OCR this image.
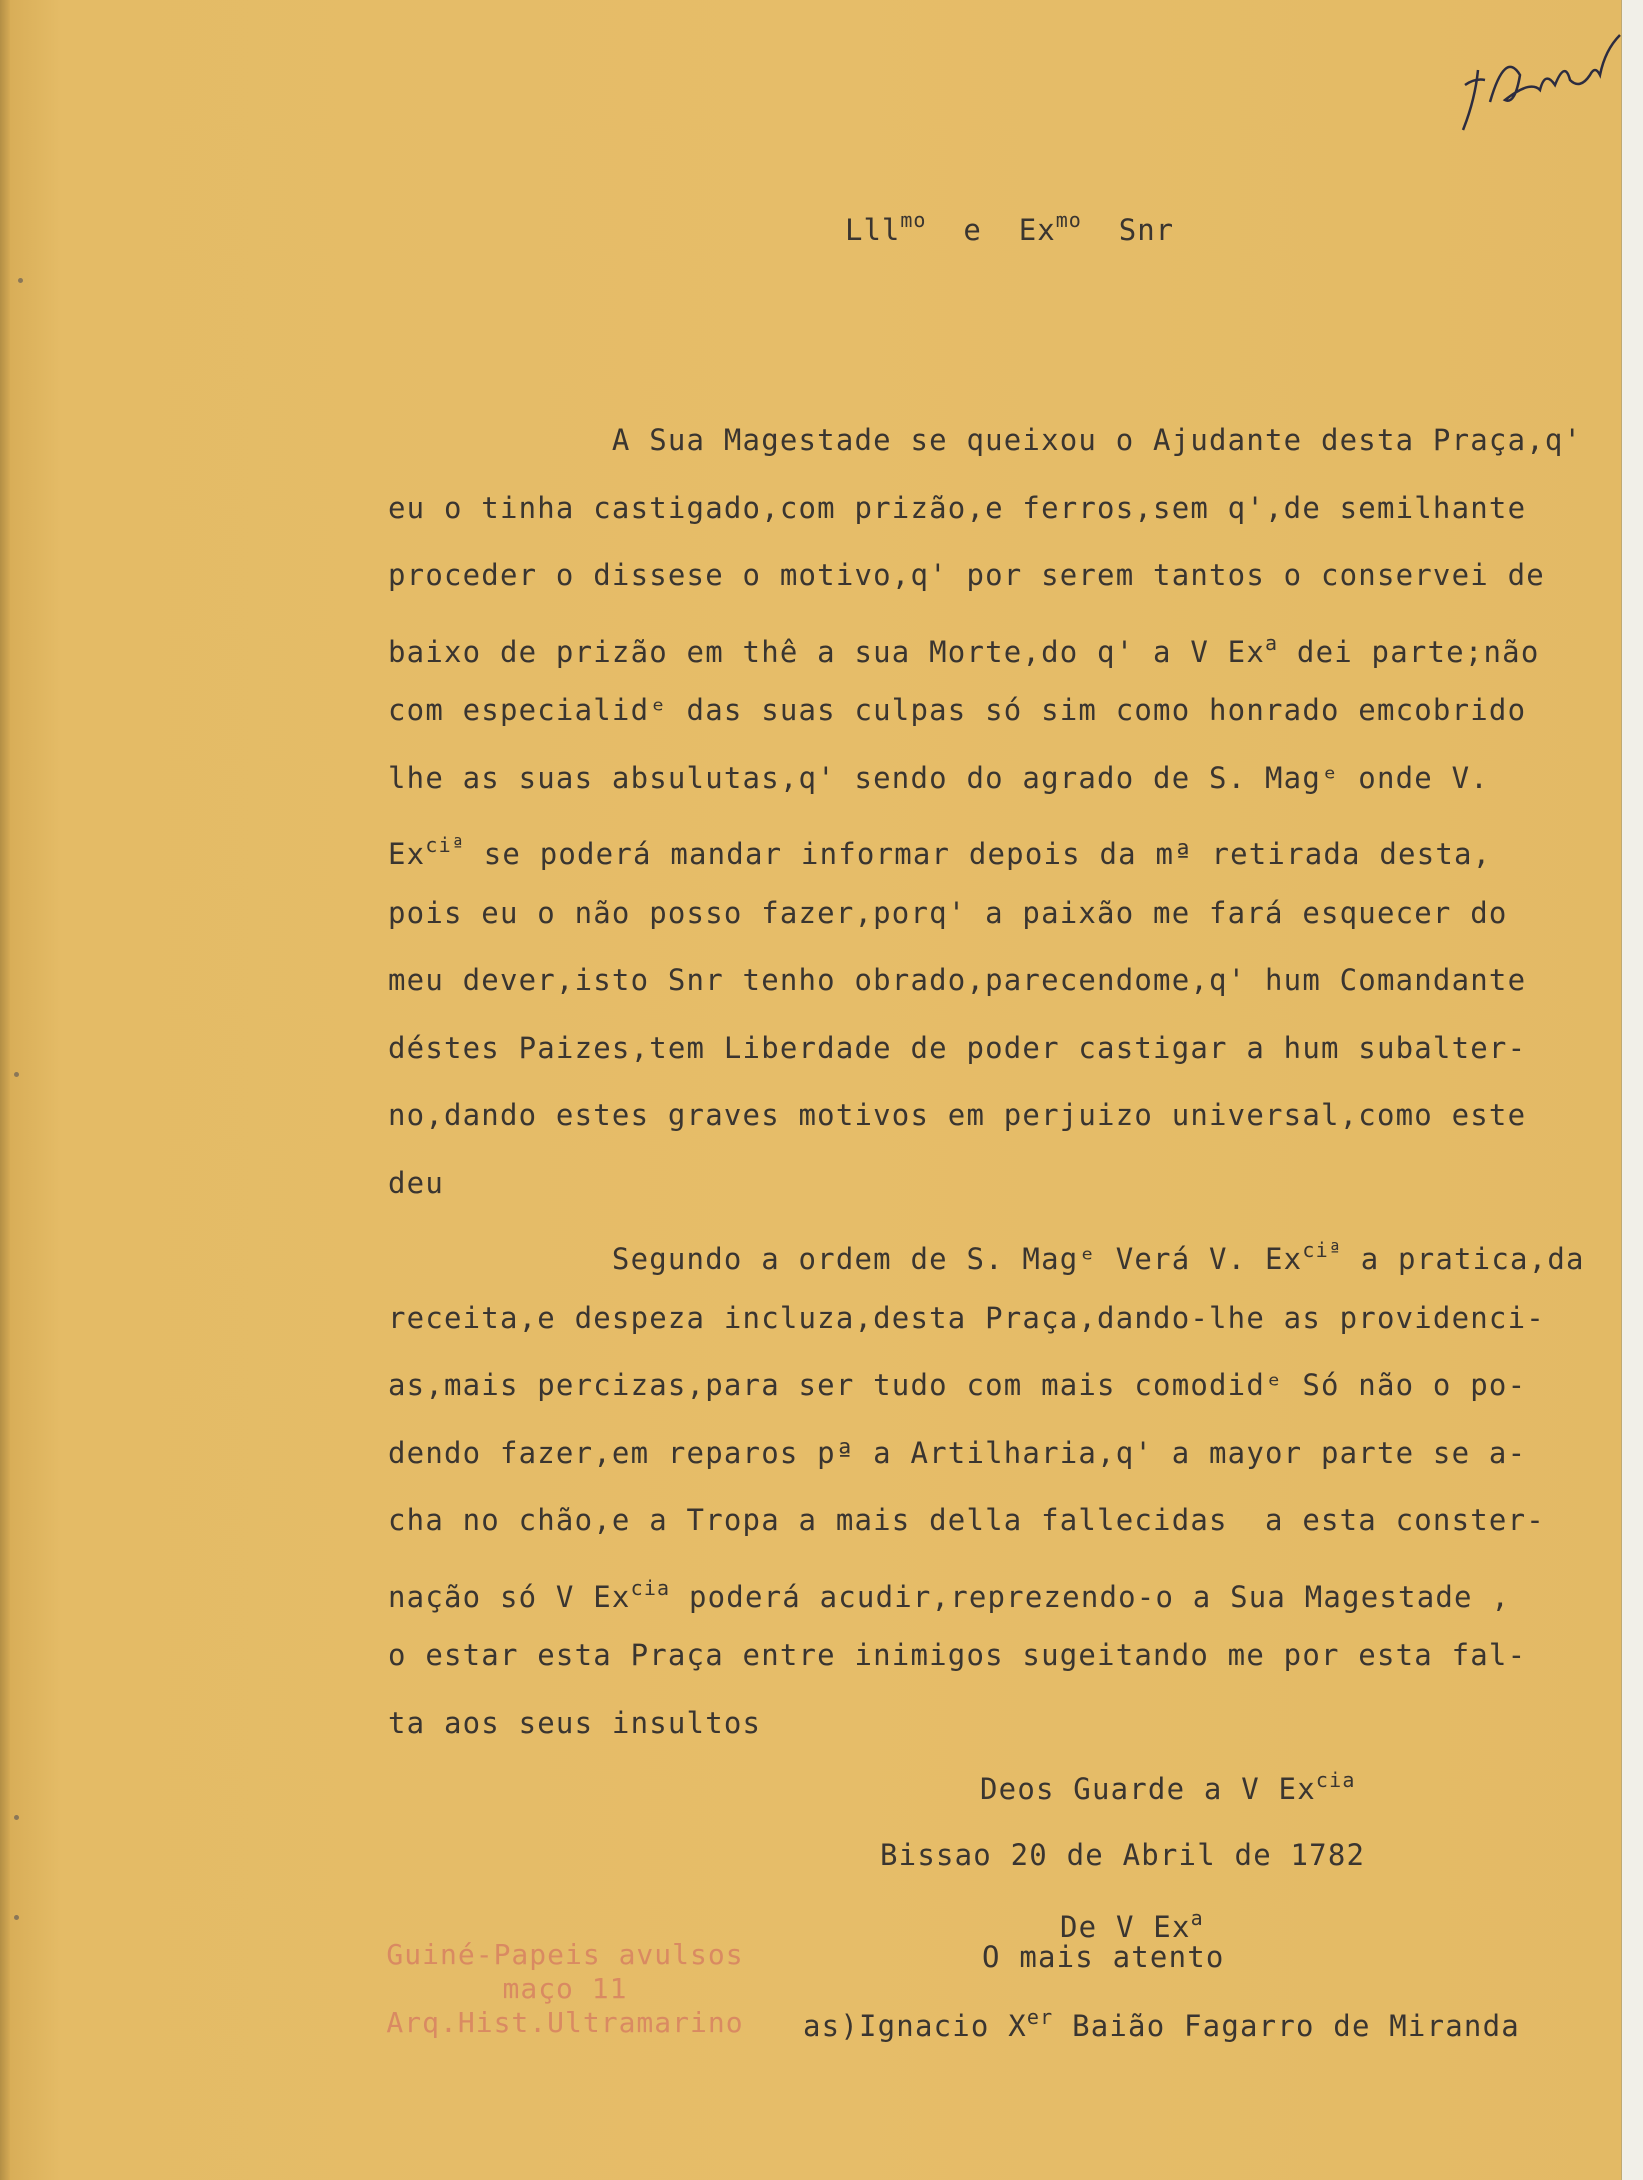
Lll$^{mo}$ e $Ex^{mo}$ Snr
A Sua Magestade se queixou o Ajudante desta Praça,q'
eu o tinha castigado,com prizão,e ferros,sem q',de semilhante
proceder o dissese o motivo,q' por serem tantos o conservei de
baixo de prizão em thê a sua Morte,do q' a V Ex$^a$ dei parte;não
com especialidᵉ das suas culpas só sim como honrado emcobrido
lhe as suas absulutas,q' sendo do agrado de S. Magᵉ onde V.
$Ex^{ciª}$ se poderá mandar informar depois da mª retirada desta,
pois eu o não posso fazer,porq' a paixão me fará esquecer do
meu dever,isto Snr tenho obrado,parecendome,q' hum Comandante
déstes Paizes,tem Liberdade de poder castigar a hum subalter-
no,dando estes graves motivos em perjuizo universal,como este
deu
Segundo a ordem de S. Magᵉ Verá V. $Ex^{ciª}$ a pratica,da
receita,e despeza incluza,desta Praça,dando-lhe as providenci-
as,mais percizas,para ser tudo com mais comodidᵉ Só não o po-
dendo fazer,em reparos pª a Artilharia,q' a mayor parte se a-
cha no chão,e a Tropa a mais della fallecidas  a esta conster-
nação só V $Ex^{cia}$ poderá acudir,reprezendo-o a Sua Magestade ,
o estar esta Praça entre inimigos sugeitando me por esta fal-
ta aos seus insultos
Deos Guarde a V $Ex^{cia}$
Bissao 20 de Abril de 1782
De V Ex$^a$
O mais atento
as)Ignacio Xer Baião Fagarro de Miranda
Guiné-Papeis avulsos
maço 11
Arq.Hist.Ultramarino
